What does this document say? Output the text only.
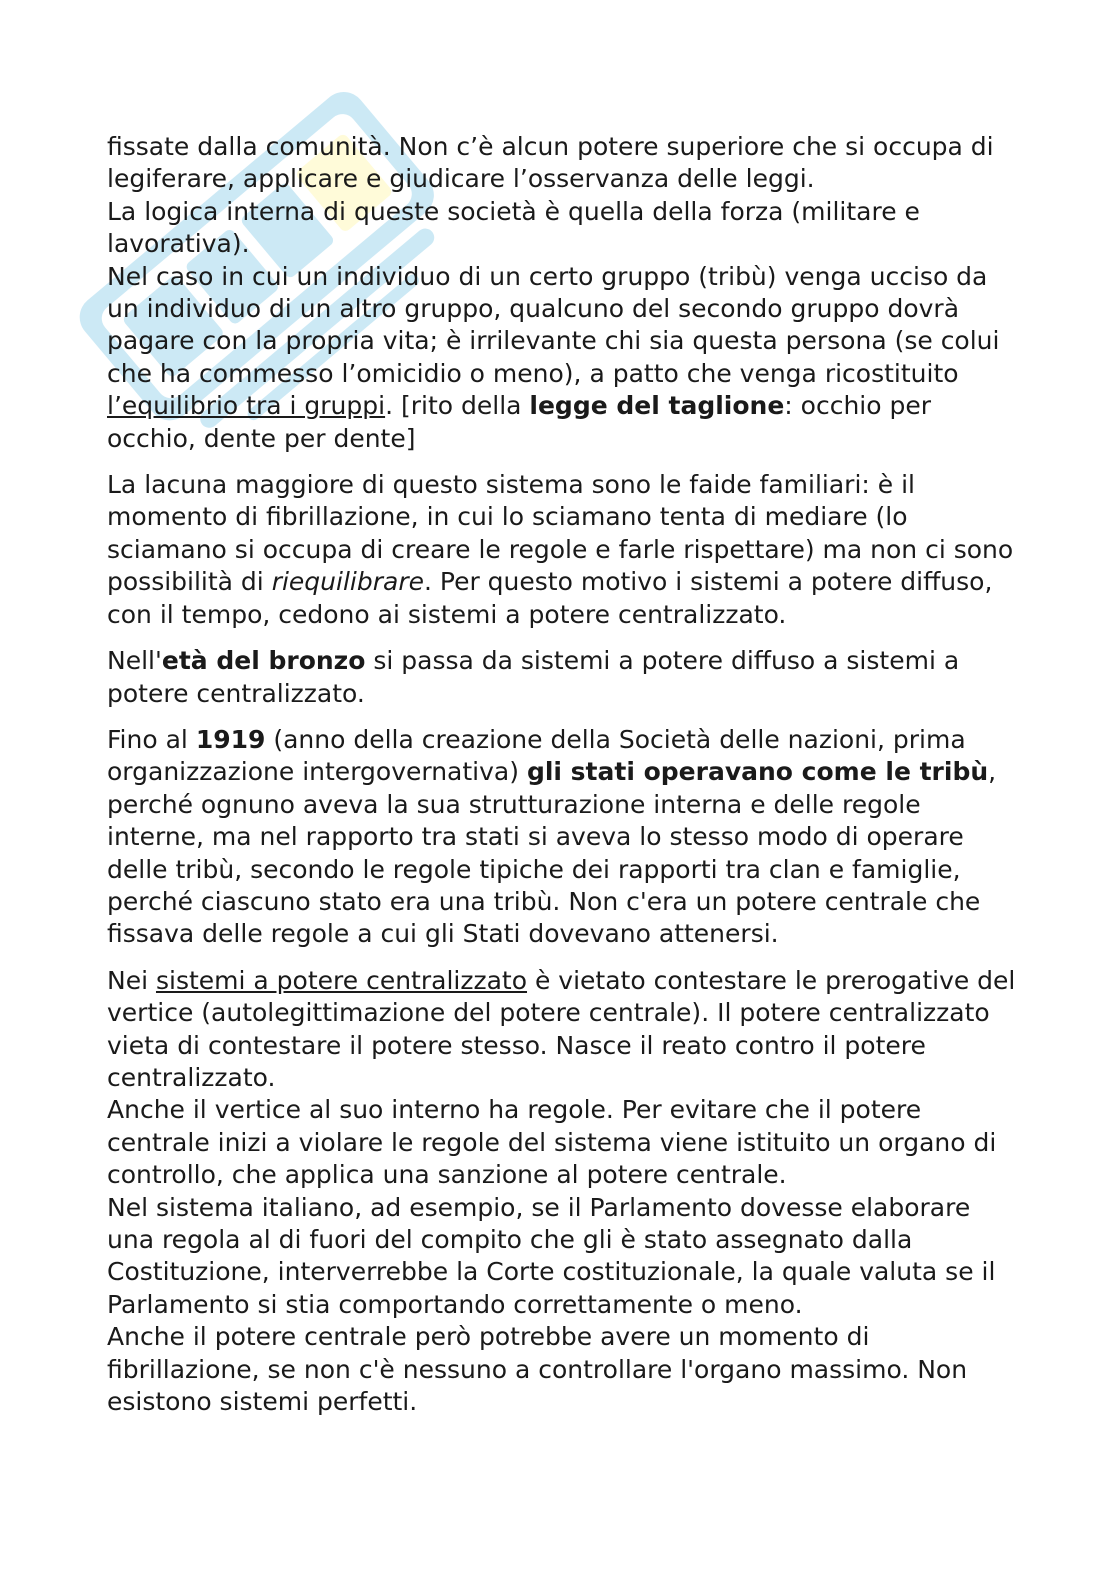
fissate dalla comunità. Non c’è alcun potere superiore che si occupa di legiferare, applicare e giudicare l’osservanza delle leggi.

La logica interna di queste società è quella della forza (militare e lavorativa).

Nel caso in cui un individuo di un certo gruppo (tribù) venga ucciso da un individuo di un altro gruppo, qualcuno del secondo gruppo dovrà pagare con la propria vita; è irrilevante chi sia questa persona (se colui che ha commesso l’omicidio o meno), a patto che venga ricostituito l’equilibrio tra i gruppi. [rito della legge del taglione: occhio per occhio, dente per dente]

La lacuna maggiore di questo sistema sono le faide familiari: è il momento di fibrillazione, in cui lo sciamano tenta di mediare (lo sciamano si occupa di creare le regole e farle rispettare) ma non ci sono possibilità di riequilibrare. Per questo motivo i sistemi a potere diffuso, con il tempo, cedono ai sistemi a potere centralizzato.

Nell'età del bronzo si passa da sistemi a potere diffuso a sistemi a potere centralizzato.

Fino al 1919 (anno della creazione della Società delle nazioni, prima organizzazione intergovernativa) gli stati operavano come le tribù, perché ognuno aveva la sua strutturazione interna e delle regole interne, ma nel rapporto tra stati si aveva lo stesso modo di operare delle tribù, secondo le regole tipiche dei rapporti tra clan e famiglie, perché ciascuno stato era una tribù. Non c'era un potere centrale che fissava delle regole a cui gli Stati dovevano attenersi.

Nei sistemi a potere centralizzato è vietato contestare le prerogative del vertice (autolegittimazione del potere centrale). Il potere centralizzato vieta di contestare il potere stesso. Nasce il reato contro il potere centralizzato.

Anche il vertice al suo interno ha regole. Per evitare che il potere centrale inizi a violare le regole del sistema viene istituito un organo di controllo, che applica una sanzione al potere centrale.

Nel sistema italiano, ad esempio, se il Parlamento dovesse elaborare una regola al di fuori del compito che gli è stato assegnato dalla Costituzione, interverrebbe la Corte costituzionale, la quale valuta se il Parlamento si stia comportando correttamente o meno.

Anche il potere centrale però potrebbe avere un momento di fibrillazione, se non c'è nessuno a controllare l'organo massimo. Non esistono sistemi perfetti.
